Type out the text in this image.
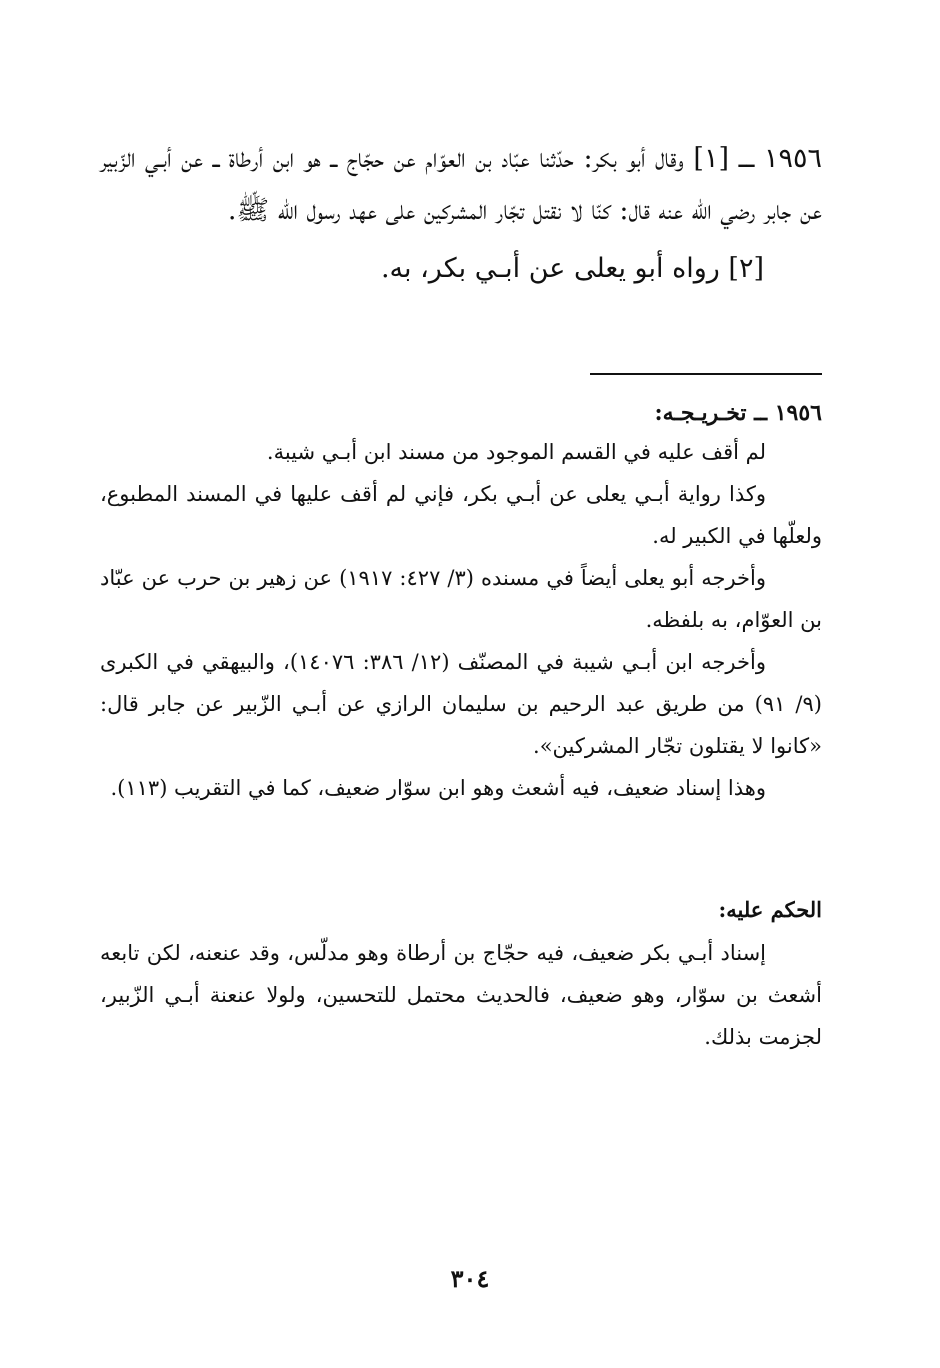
١٩٥٦ ــ [١] وقال أبو بكر: حدّثنا عبّاد بن العوّام عن حجّاج ــ هو ابن أرطاة ــ عن أبـي الزّبير عن جابر رضي الله عنه قال: كنّا لا نقتل تجّار المشركين على عهد رسول الله ﷺ.

[٢] رواه أبو يعلى عن أبـي بكر، به.

١٩٥٦ ــ تخـريـجـه:

لم أقف عليه في القسم الموجود من مسند ابن أبـي شيبة.

وكذا رواية أبـي يعلى عن أبـي بكر، فإني لم أقف عليها في المسند المطبوع، ولعلّها في الكبير له.

وأخرجه أبو يعلى أيضاً في مسنده (٣/ ٤٢٧: ١٩١٧) عن زهير بن حرب عن عبّاد بن العوّام، به بلفظه.

وأخرجه ابن أبـي شيبة في المصنّف (١٢/ ٣٨٦: ١٤٠٧٦)، والبيهقي في الكبرى (٩/ ٩١) من طريق عبد الرحيم بن سليمان الرازي عن أبـي الزّبير عن جابر قال: «كانوا لا يقتلون تجّار المشركين».

وهذا إسناد ضعيف، فيه أشعث وهو ابن سوّار ضعيف، كما في التقريب (١١٣).

الحكم عليه:

إسناد أبـي بكر ضعيف، فيه حجّاج بن أرطاة وهو مدلّس، وقد عنعنه، لكن تابعه أشعث بن سوّار، وهو ضعيف، فالحديث محتمل للتحسين، ولولا عنعنة أبـي الزّبير، لجزمت بذلك.

٣٠٤
